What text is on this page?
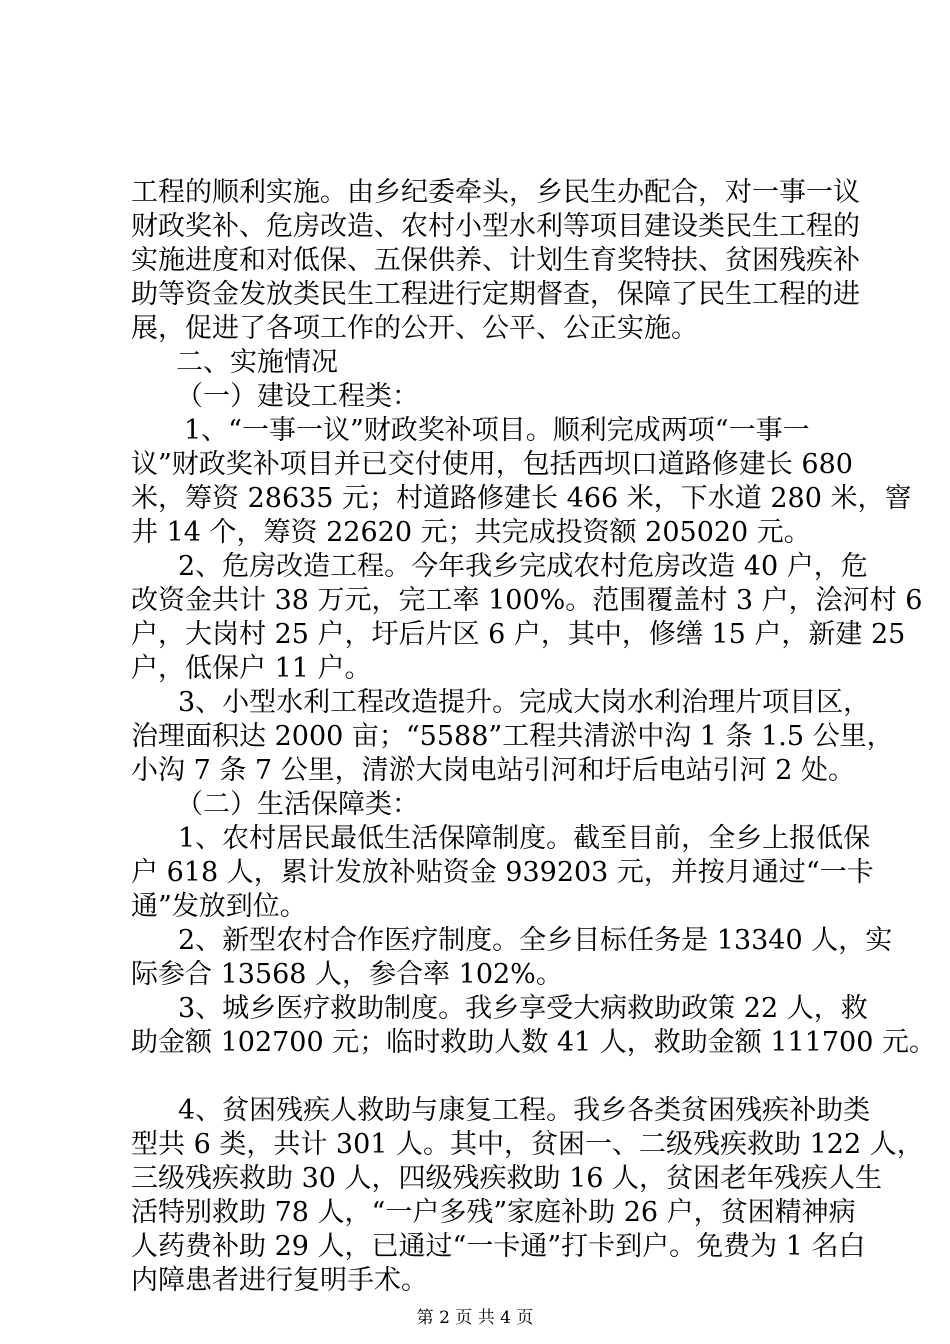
工程的顺利实施。由乡纪委牵头，乡民生办配合，对一事一议
财政奖补、危房改造、农村小型水利等项目建设类民生工程的
实施进度和对低保、五保供养、计划生育奖特扶、贫困残疾补
助等资金发放类民生工程进行定期督查，保障了民生工程的进
展，促进了各项工作的公开、公平、公正实施。
二、实施情况
（一）建设工程类：
1、“一事一议”财政奖补项目。顺利完成两项“一事一
议”财政奖补项目并已交付使用，包括西坝口道路修建长 680
米，筹资 28635 元；村道路修建长 466 米，下水道 280 米，窨
井 14 个，筹资 22620 元；共完成投资额 205020 元。
2、危房改造工程。今年我乡完成农村危房改造 40 户，危
改资金共计 38 万元，完工率 100%。范围覆盖村 3 户，浍河村 6
户，大岗村 25 户，圩后片区 6 户，其中，修缮 15 户，新建 25
户，低保户 11 户。
3、小型水利工程改造提升。完成大岗水利治理片项目区，
治理面积达 2000 亩；“5588”工程共清淤中沟 1 条 1.5 公里，
小沟 7 条 7 公里，清淤大岗电站引河和圩后电站引河 2 处。
（二）生活保障类：
1、农村居民最低生活保障制度。截至目前，全乡上报低保
户 618 人，累计发放补贴资金 939203 元，并按月通过“一卡
通”发放到位。
2、新型农村合作医疗制度。全乡目标任务是 13340 人，实
际参合 13568 人，参合率 102%。
3、城乡医疗救助制度。我乡享受大病救助政策 22 人，救
助金额 102700 元；临时救助人数 41 人，救助金额 111700 元。
4、贫困残疾人救助与康复工程。我乡各类贫困残疾补助类
型共 6 类，共计 301 人。其中，贫困一、二级残疾救助 122 人，
三级残疾救助 30 人，四级残疾救助 16 人，贫困老年残疾人生
活特别救助 78 人，“一户多残”家庭补助 26 户，贫困精神病
人药费补助 29 人，已通过“一卡通”打卡到户。免费为 1 名白
内障患者进行复明手术。
第 2 页 共 4 页
